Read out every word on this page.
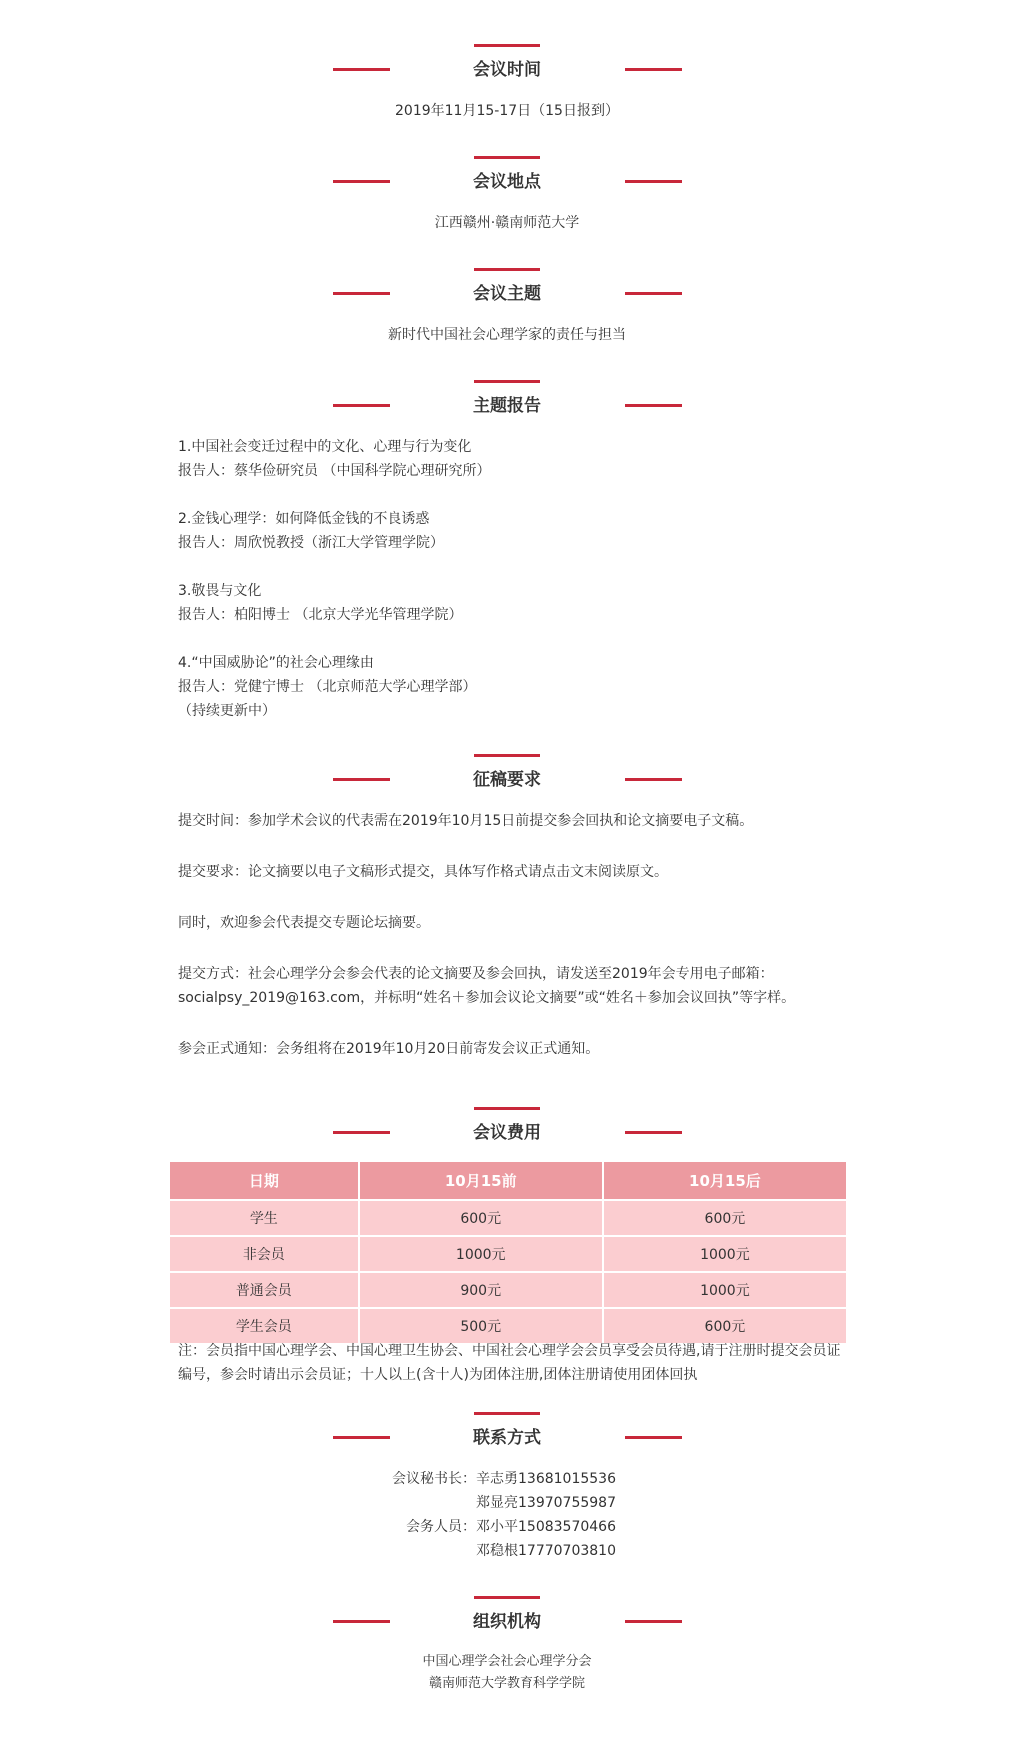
会议时间
2019年11月15-17日（15日报到）
会议地点
江西赣州·赣南师范大学
会议主题
新时代中国社会心理学家的责任与担当
主题报告

1.中国社会变迁过程中的文化、心理与行为变化

报告人：蔡华俭研究员 （中国科学院心理研究所）

2.金钱心理学：如何降低金钱的不良诱惑

报告人：周欣悦教授（浙江大学管理学院）

3.敬畏与文化

报告人：柏阳博士 （北京大学光华管理学院）

4.“中国威胁论”的社会心理缘由

报告人：党健宁博士 （北京师范大学心理学部）

（持续更新中）

征稿要求

提交时间：参加学术会议的代表需在2019年10月15日前提交参会回执和论文摘要电子文稿。

提交要求：论文摘要以电子文稿形式提交，具体写作格式请点击文末阅读原文。

同时，欢迎参会代表提交专题论坛摘要。

提交方式：社会心理学分会参会代表的论文摘要及参会回执，请发送至2019年会专用电子邮箱：socialpsy_2019@163.com，并标明“姓名＋参加会议论文摘要”或“姓名＋参加会议回执”等字样。

参会正式通知：会务组将在2019年10月20日前寄发会议正式通知。

会议费用
日期	10月15前	10月15后
学生	600元	600元
非会员	1000元	1000元
普通会员	900元	1000元
学生会员	500元	600元

注：会员指中国心理学会、中国心理卫生协会、中国社会心理学会会员享受会员待遇,请于注册时提交会员证编号，参会时请出示会员证；十人以上(含十人)为团体注册,团体注册请使用团体回执

联系方式
会议秘书长： 辛志勇13681015536
郑显亮13970755987
会务人员： 邓小平15083570466
邓稳根17770703810
组织机构
中国心理学会社会心理学分会
赣南师范大学教育科学学院
